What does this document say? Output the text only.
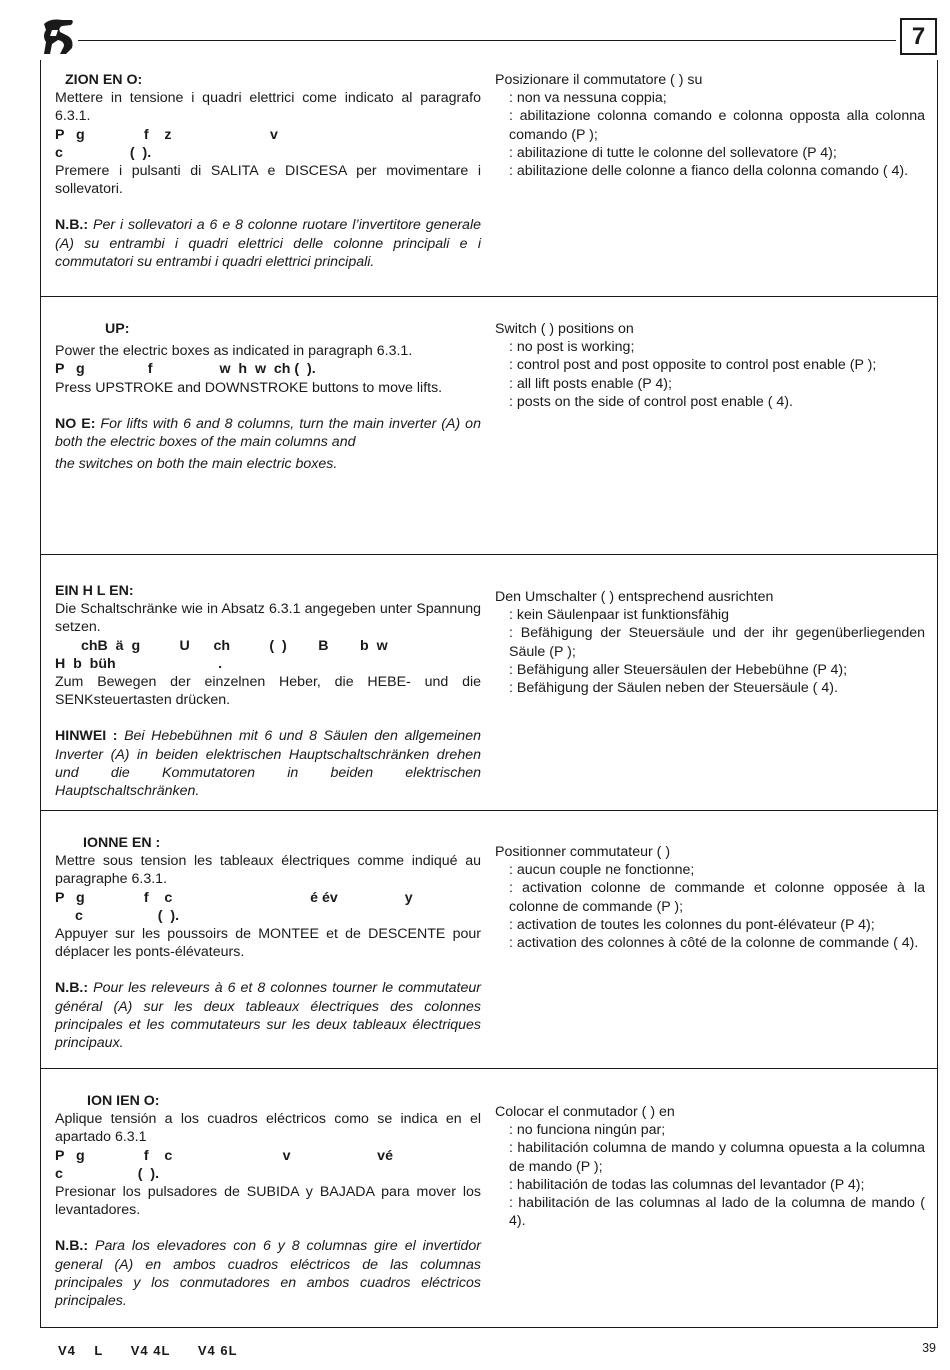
7

ZION EN O:

Mettere in tensione i quadri elettrici come indicato al paragrafo 6.3.1.

P   g               f    z                         v

c                 (  ).

Premere i pulsanti di SALITA e DISCESA per movimentare i sollevatori.

N.B.: Per i sollevatori a 6 e 8 colonne ruotare l’invertitore generale (A) su entrambi i quadri elettrici delle colonne principali e i commutatori su entrambi i quadri elettrici principali.

Posizionare il commutatore ( ) su

: non va nessuna coppia;

: abilitazione colonna comando e colonna opposta alla colonna comando (P );

: abilitazione di tutte le colonne del sollevatore (P 4);

: abilitazione delle colonne a fianco della colonna comando ( 4).

UP:

Power the electric boxes as indicated in paragraph 6.3.1.

P   g                f                 w  h  w  ch (  ).

Press UPSTROKE and DOWNSTROKE buttons to move lifts.

NO E: For lifts with 6 and 8 columns, turn the main inverter (A) on both the electric boxes of the main columns and

the switches on both the main electric boxes.

Switch ( ) positions on

: no post is working;

: control post and post opposite to control post enable (P );

: all lift posts enable (P 4);

: posts on the side of control post enable ( 4).

EIN H L EN:

Die Schaltschränke wie in Absatz 6.3.1 angegeben unter Spannung setzen.

chB  ä  g          U      ch          (  )        B        b  w

H  b  büh                          .

Zum Bewegen der einzelnen Heber, die HEBE- und die SENKsteuertasten drücken.

HINWEI : Bei Hebebühnen mit 6 und 8 Säulen den allgemeinen Inverter (A) in beiden elektrischen Hauptschaltschränken drehen und die Kommutatoren in beiden elektrischen Hauptschaltschränken.

Den Umschalter ( ) entsprechend ausrichten

: kein Säulenpaar ist funktionsfähig

: Befähigung der Steuersäule und der ihr gegenüberliegenden Säule (P );

: Befähigung aller Steuersäulen der Hebebühne (P 4);

: Befähigung der Säulen neben der Steuersäule ( 4).

IONNE EN :

Mettre sous tension les tableaux électriques comme indiqué au paragraphe 6.3.1.

P   g               f    c                                   é év                 y

c                   (  ).

Appuyer sur les poussoirs de MONTEE et de DESCENTE pour déplacer les ponts-élévateurs.

N.B.: Pour les releveurs à 6 et 8 colonnes tourner le commutateur général (A) sur les deux tableaux électriques des colonnes principales et les commutateurs sur les deux tableaux électriques principaux.

Positionner commutateur ( )

: aucun couple ne fonctionne;

: activation colonne de commande et colonne opposée à la colonne de commande (P );

: activation de toutes les colonnes du pont-élévateur (P 4);

: activation des colonnes à côté de la colonne de commande ( 4).

ION IEN O:

Aplique tensión a los cuadros eléctricos como se indica en el apartado 6.3.1

P   g               f    c                            v                      vé

c                   (  ).

Presionar los pulsadores de SUBIDA y BAJADA para mover los levantadores.

N.B.: Para los elevadores con 6 y 8 columnas gire el invertidor general (A) en ambos cuadros eléctricos de las columnas principales y los conmutadores en ambos cuadros eléctricos principales.

Colocar el conmutador ( ) en

: no funciona ningún par;

: habilitación columna de mando y columna opuesta a la columna de mando (P );

: habilitación de todas las columnas del levantador (P 4);

: habilitación de las columnas al lado de la columna de mando ( 4).

V4    L      V4 4L      V4 6L	39
